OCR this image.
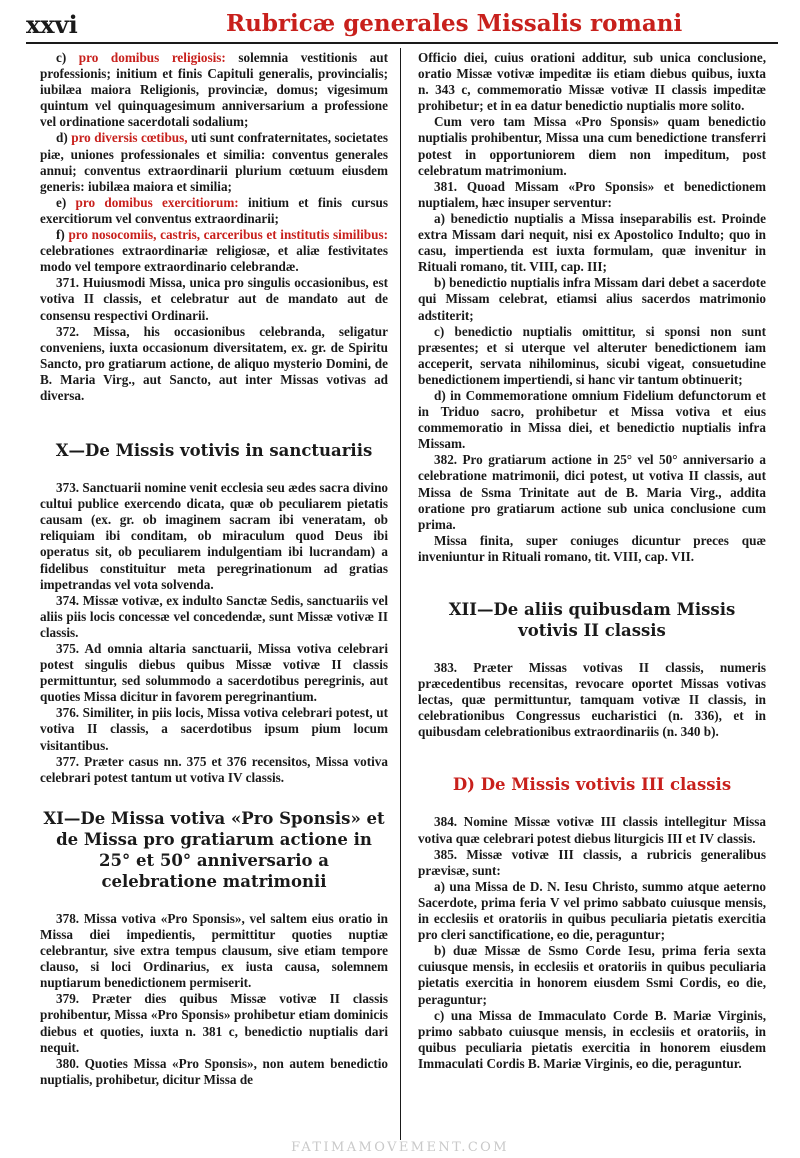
xxvi	Rubricæ generales Missalis romani

c) pro domibus religiosis: solemnia vestitionis aut professionis; initium et finis Capituli generalis, provincialis; iubilæa maiora Religionis, provinciæ, domus; vigesimum quintum vel quinquagesimum anniversarium a professione vel ordinatione sacerdotali sodalium;

d) pro diversis cœtibus, uti sunt confraternitates, societates piæ, uniones professionales et similia: conventus generales annui; conventus extraordinarii plurium cœtuum eiusdem generis: iubilæa maiora et similia;

e) pro domibus exercitiorum: initium et finis cursus exercitiorum vel conventus extraordinarii;

f) pro nosocomiis, castris, carceribus et institutis similibus: celebrationes extraordinariæ religiosæ, et aliæ festivitates modo vel tempore extraordinario celebrandæ.

371. Huiusmodi Missa, unica pro singulis occasionibus, est votiva II classis, et celebratur aut de mandato aut de consensu respectivi Ordinarii.

372. Missa, his occasionibus celebranda, seligatur conveniens, iuxta occasionum diversitatem, ex. gr. de Spiritu Sancto, pro gratiarum actione, de aliquo mysterio Domini, de B. Maria Virg., aut Sancto, aut inter Missas votivas ad diversa.

X—De Missis votivis in sanctuariis

373. Sanctuarii nomine venit ecclesia seu ædes sacra divino cultui publice exercendo dicata, quæ ob peculiarem pietatis causam (ex. gr. ob imaginem sacram ibi veneratam, ob reliquiam ibi conditam, ob miraculum quod Deus ibi operatus sit, ob peculiarem indulgentiam ibi lucrandam) a fidelibus constituitur meta peregrinationum ad gratias impetrandas vel vota solvenda.

374. Missæ votivæ, ex indulto Sanctæ Sedis, sanctuariis vel aliis piis locis concessæ vel concedendæ, sunt Missæ votivæ II classis.

375. Ad omnia altaria sanctuarii, Missa votiva celebrari potest singulis diebus quibus Missæ votivæ II classis permittuntur, sed solummodo a sacerdotibus peregrinis, aut quoties Missa dicitur in favorem peregrinantium.

376. Similiter, in piis locis, Missa votiva celebrari potest, ut votiva II classis, a sacerdotibus ipsum pium locum visitantibus.

377. Præter casus nn. 375 et 376 recensitos, Missa votiva celebrari potest tantum ut votiva IV classis.

XI—De Missa votiva «Pro Sponsis» et de Missa pro gratiarum actione in 25° et 50° anniversario a celebratione matrimonii

378. Missa votiva «Pro Sponsis», vel saltem eius oratio in Missa diei impedientis, permittitur quoties nuptiæ celebrantur, sive extra tempus clausum, sive etiam tempore clauso, si loci Ordinarius, ex iusta causa, solemnem nuptiarum benedictionem permiserit.

379. Præter dies quibus Missæ votivæ II classis prohibentur, Missa «Pro Sponsis» prohibetur etiam dominicis diebus et quoties, iuxta n. 381 c, benedictio nuptialis dari nequit.

380. Quoties Missa «Pro Sponsis», non autem benedictio nuptialis, prohibetur, dicitur Missa de

Officio diei, cuius orationi additur, sub unica conclusione, oratio Missæ votivæ impeditæ iis etiam diebus quibus, iuxta n. 343 c, commemoratio Missæ votivæ II classis impeditæ prohibetur; et in ea datur benedictio nuptialis more solito.

Cum vero tam Missa «Pro Sponsis» quam benedictio nuptialis prohibentur, Missa una cum benedictione transferri potest in opportuniorem diem non impeditum, post celebratum matrimonium.

381. Quoad Missam «Pro Sponsis» et benedictionem nuptialem, hæc insuper serventur:

a) benedictio nuptialis a Missa inseparabilis est. Proinde extra Missam dari nequit, nisi ex Apostolico Indulto; quo in casu, impertienda est iuxta formulam, quæ invenitur in Rituali romano, tit. VIII, cap. III;

b) benedictio nuptialis infra Missam dari debet a sacerdote qui Missam celebrat, etiamsi alius sacerdos matrimonio adstiterit;

c) benedictio nuptialis omittitur, si sponsi non sunt præsentes; et si uterque vel alteruter benedictionem iam acceperit, servata nihilominus, sicubi vigeat, consuetudine benedictionem impertiendi, si hanc vir tantum obtinuerit;

d) in Commemoratione omnium Fidelium defunctorum et in Triduo sacro, prohibetur et Missa votiva et eius commemoratio in Missa diei, et benedictio nuptialis infra Missam.

382. Pro gratiarum actione in 25° vel 50° anniversario a celebratione matrimonii, dici potest, ut votiva II classis, aut Missa de Ssma Trinitate aut de B. Maria Virg., addita oratione pro gratiarum actione sub unica conclusione cum prima.

Missa finita, super coniuges dicuntur preces quæ inveniuntur in Rituali romano, tit. VIII, cap. VII.

XII—De aliis quibusdam Missis votivis II classis

383. Præter Missas votivas II classis, numeris præcedentibus recensitas, revocare oportet Missas votivas lectas, quæ permittuntur, tamquam votivæ II classis, in celebrationibus Congressus eucharistici (n. 336), et in quibusdam celebrationibus extraordinariis (n. 340 b).

D) De Missis votivis III classis

384. Nomine Missæ votivæ III classis intellegitur Missa votiva quæ celebrari potest diebus liturgicis III et IV classis.

385. Missæ votivæ III classis, a rubricis generalibus prævisæ, sunt:

a) una Missa de D. N. Iesu Christo, summo atque aeterno Sacerdote, prima feria V vel primo sabbato cuiusque mensis, in ecclesiis et oratoriis in quibus peculiaria pietatis exercitia pro cleri sanctificatione, eo die, peraguntur;

b) duæ Missæ de Ssmo Corde Iesu, prima feria sexta cuiusque mensis, in ecclesiis et oratoriis in quibus peculiaria pietatis exercitia in honorem eiusdem Ssmi Cordis, eo die, peraguntur;

c) una Missa de Immaculato Corde B. Mariæ Virginis, primo sabbato cuiusque mensis, in ecclesiis et oratoriis, in quibus peculiaria pietatis exercitia in honorem eiusdem Immaculati Cordis B. Mariæ Virginis, eo die, peraguntur.

FATIMAMOVEMENT.COM
